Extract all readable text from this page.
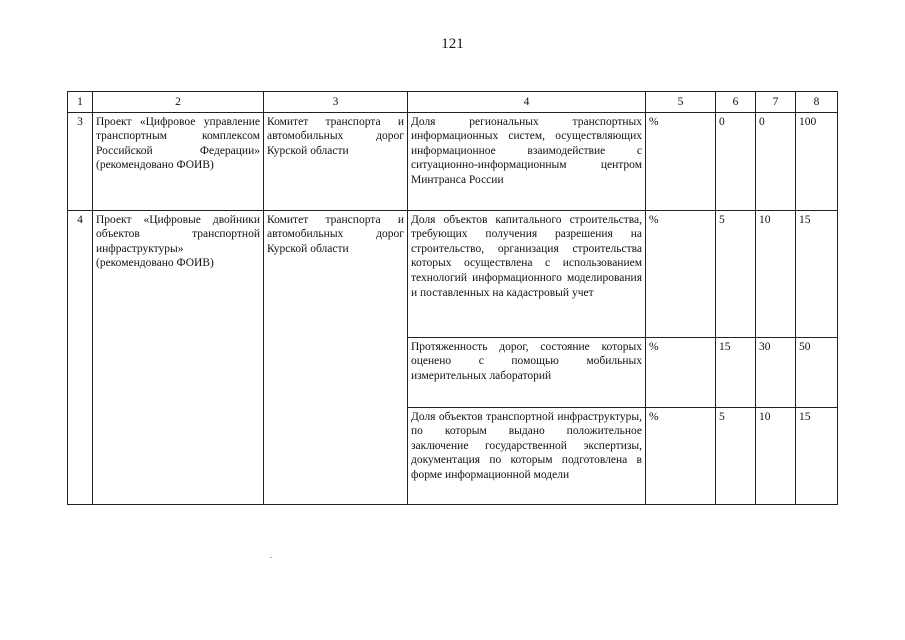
121
1	2	3	4	5	6	7	8
3	Проект «Цифровое управление транспортным комплексом Российской Федерации» (рекомендовано ФОИВ)	Комитет транспорта и автомобильных дорог Курской области	Доля региональных транспортных информационных систем, осуществляющих информационное взаимодействие с ситуационно-информационным центром Минтранса России	%	0	0	100
4	Проект «Цифровые двойники объектов транспортной инфраструктуры» (рекомендовано ФОИВ)	Комитет транспорта и автомобильных дорог Курской области	Доля объектов капитального строительства, требующих получения разрешения на строительство, организация строительства которых осуществлена с использованием технологий информационного моделирования и поставленных на кадастровый учет	%	5	10	15
			Протяженность дорог, состояние которых оценено с помощью мобильных измерительных лабораторий	%	15	30	50
			Доля объектов транспортной инфраструктуры, по которым выдано положительное заключение государственной экспертизы, документация по которым подготовлена в форме информационной модели	%	5	10	15
